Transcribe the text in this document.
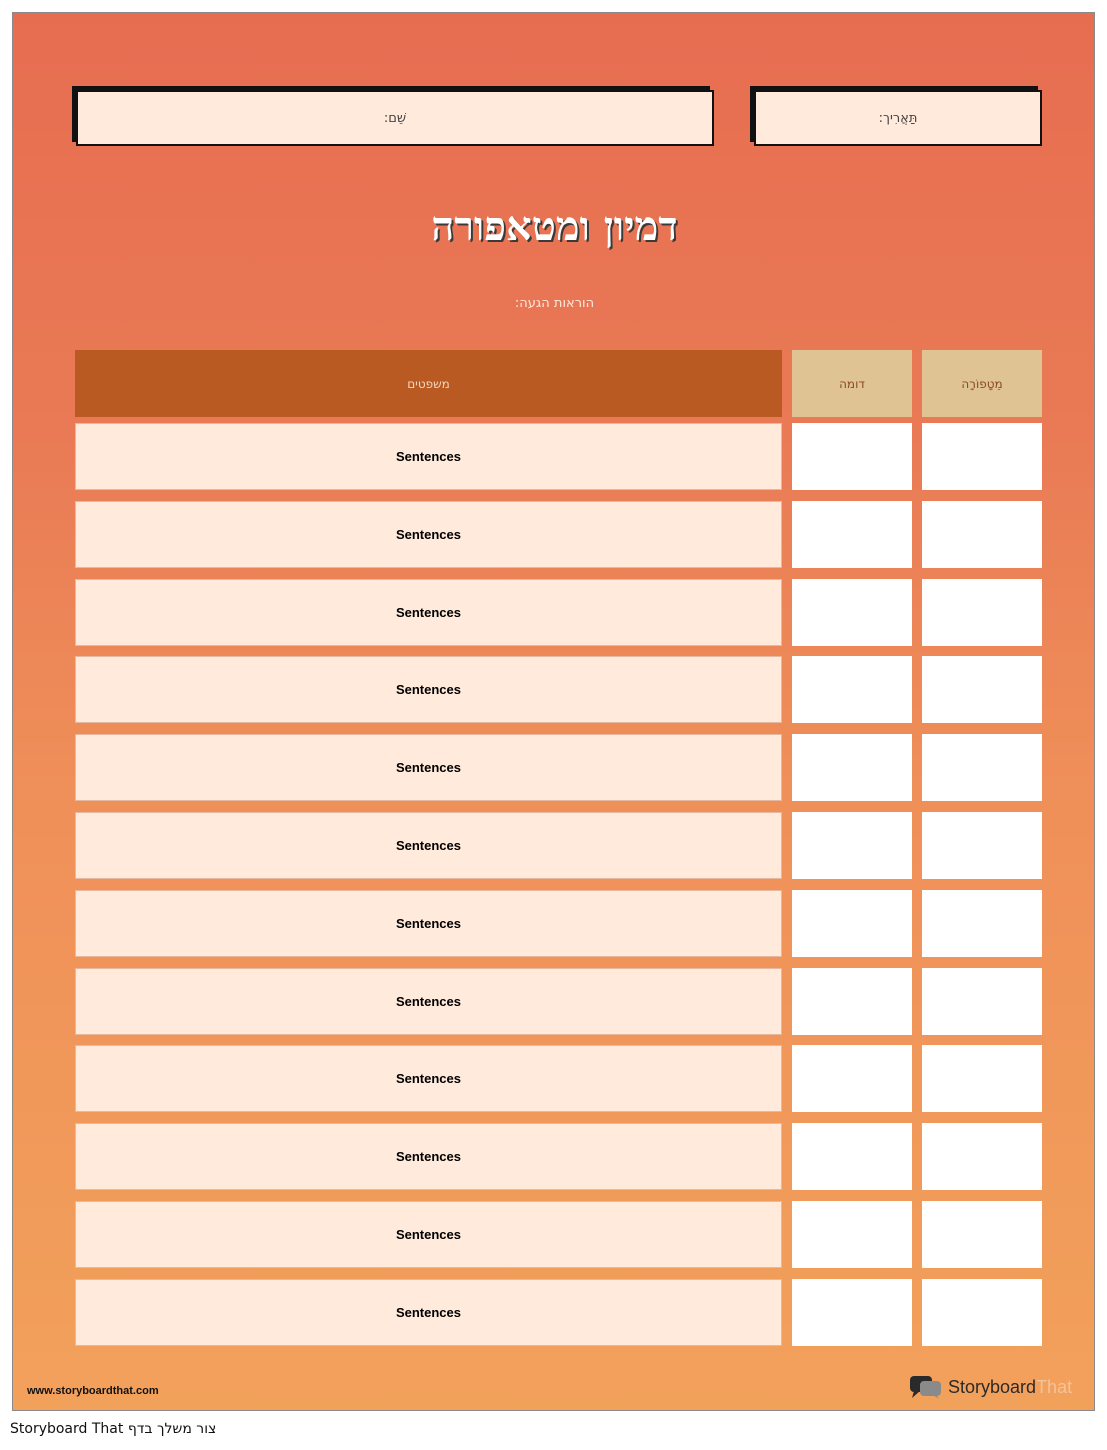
שֵׁם:	תַּאֲרִיך:
דמיון ומטאפורה
הוראות הגעה:
משפטים	דומה	מֵטָפוֹרָה
Sentences
Sentences
Sentences
Sentences
Sentences
Sentences
Sentences
Sentences
Sentences
Sentences
Sentences
Sentences
www.storyboardthat.com	StoryboardThat
Storyboard That צור משלך בדף
